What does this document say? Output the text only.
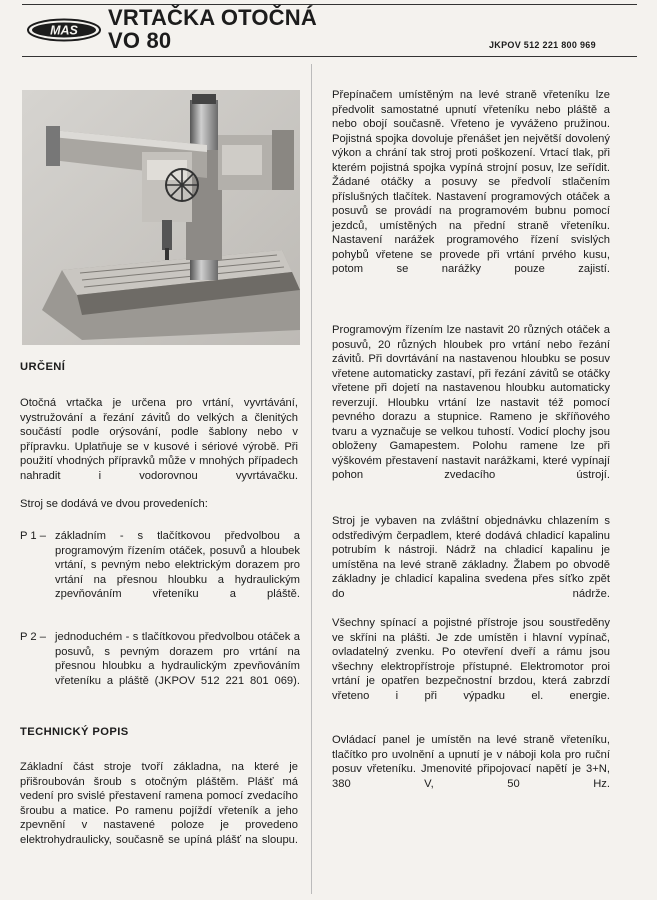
MAS
VRTAČKA OTOČNÁ
VO 80	JKPOV 512 221 800 969
URČENÍ
Otočná vrtačka je určena pro vrtání, vyvrtávání, vystružování a řezání závitů do velkých a členitých součástí podle orýsování, podle šablony nebo v přípravku. Uplatňuje se v kusové i sériové výrobě. Při použití vhodných přípravků může v mnohých případech nahradit i vodorovnou vyvrtávačku.
Stroj se dodává ve dvou provedeních:
P 1 – základním - s tlačítkovou předvolbou a programovým řízením otáček, posuvů a hloubek vrtání, s pevným nebo elektrickým dorazem pro vrtání na přesnou hloubku a hydraulickým zpevňováním vřeteníku a pláště.
P 2 – jednoduchém - s tlačítkovou předvolbou otáček a posuvů, s pevným dorazem pro vrtání na přesnou hloubku a hydraulickým zpevňováním vřeteníku a pláště (JKPOV 512 221 801 069).
TECHNICKÝ POPIS
Základní část stroje tvoří základna, na které je přišroubován šroub s otočným pláštěm. Plášť má vedení pro svislé přestavení ramena pomocí zvedacího šroubu a matice. Po ramenu pojíždí vřeteník a jeho zpevnění v nastavené poloze je provedeno elektrohydraulicky, současně se upíná plášť na sloupu.
Přepínačem umístěným na levé straně vřeteníku lze předvolit samostatné upnutí vřeteníku nebo pláště a nebo obojí současně. Vřeteno je vyváženo pružinou. Pojistná spojka dovoluje přenášet jen největší dovolený výkon a chrání tak stroj proti poškození. Vrtací tlak, při kterém pojistná spojka vypíná strojní posuv, lze seřídit. Žádané otáčky a posuvy se předvolí stlačením příslušných tlačítek. Nastavení programových otáček a posuvů se provádí na programovém bubnu pomocí jezdců, umístěných na přední straně vřeteníku. Nastavení narážek programového řízení svislých pohybů vřetene se provede při vrtání prvého kusu, potom se narážky pouze zajistí.
Programovým řízením lze nastavit 20 různých otáček a posuvů, 20 různých hloubek pro vrtání nebo řezání závitů. Při dovrtávání na nastavenou hloubku se posuv vřetene automaticky zastaví, při řezání závitů se otáčky vřetene při dojetí na nastavenou hloubku automaticky reverzují. Hloubku vrtání lze nastavit též pomocí pevného dorazu a stupnice. Rameno je skříňového tvaru a vyznačuje se velkou tuhostí. Vodicí plochy jsou obloženy Gamapestem. Polohu ramene lze při výškovém přestavení nastavit narážkami, které vypínají pohon zvedacího ústrojí.
Stroj je vybaven na zvláštní objednávku chlazením s odstředivým čerpadlem, které dodává chladicí kapalinu potrubím k nástroji. Nádrž na chladicí kapalinu je umístěna na levé straně základny. Žlabem po obvodě základny je chladicí kapalina svedena přes síťko zpět do nádrže.
Všechny spínací a pojistné přístroje jsou soustředěny ve skříni na plášti. Je zde umístěn i hlavní vypínač, ovladatelný zvenku. Po otevření dveří a rámu jsou všechny elektropřístroje přístupné. Elektromotor proi vrtání je opatřen bezpečnostní brzdou, která zabrzdí vřeteno i při výpadku el. energie.
Ovládací panel je umístěn na levé straně vřeteníku, tlačítko pro uvolnění a upnutí je v náboji kola pro ruční posuv vřeteníku. Jmenovité připojovací napětí je 3+N, 380 V, 50 Hz.
